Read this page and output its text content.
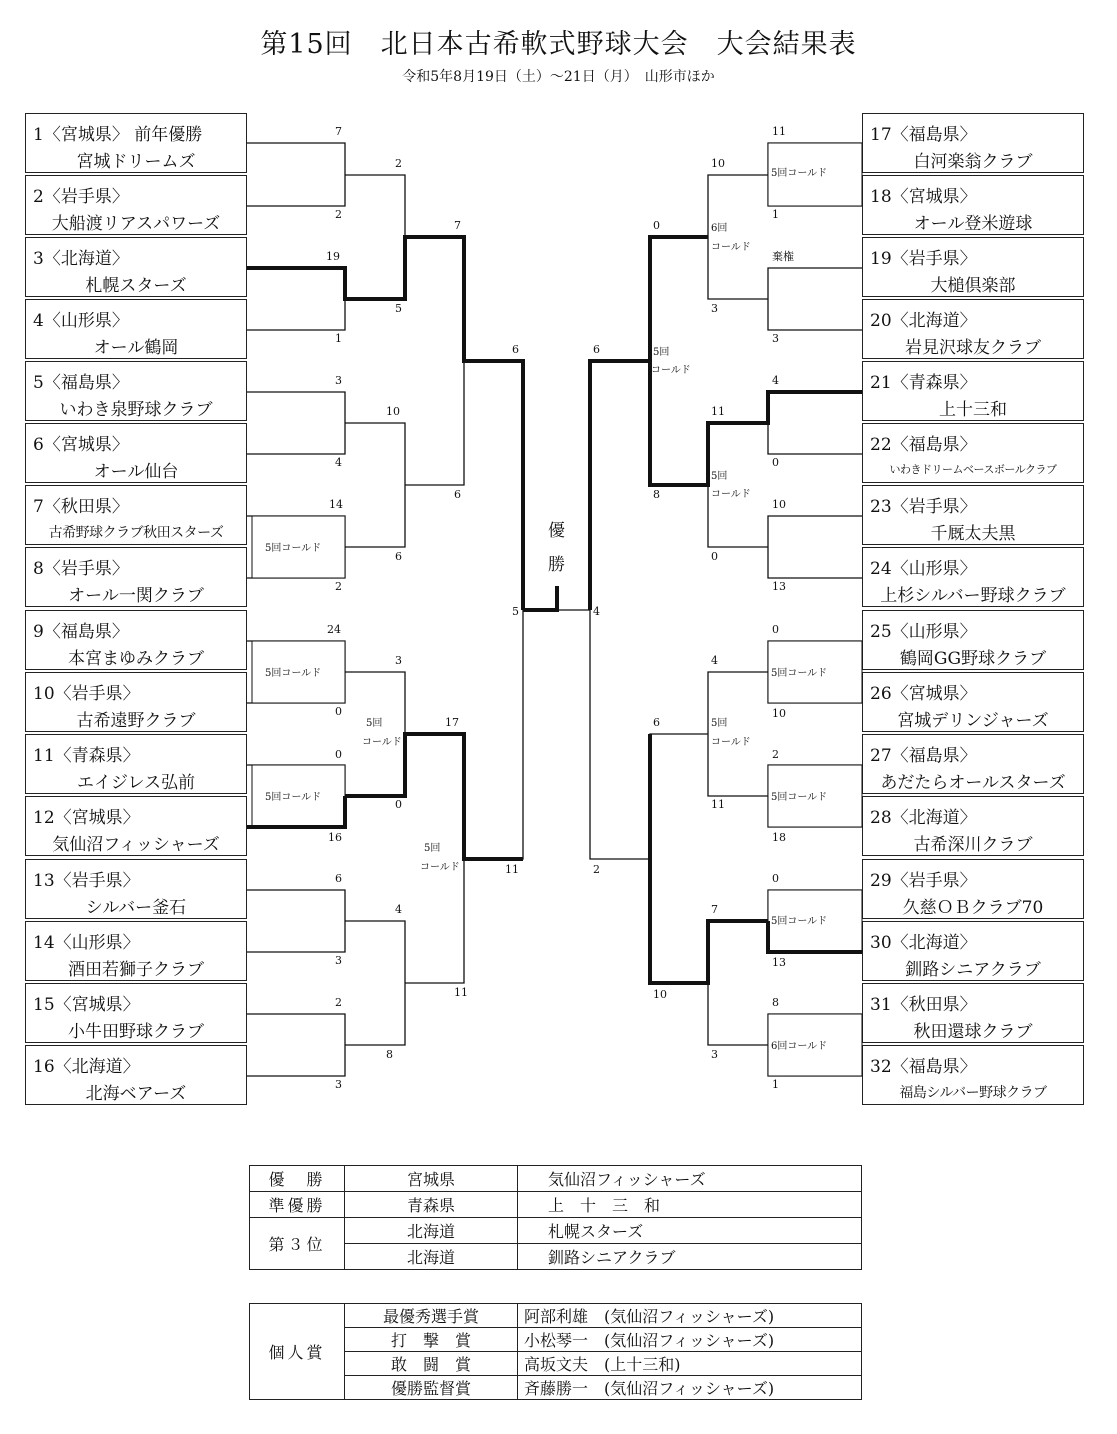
第15回　北日本古希軟式野球大会　大会結果表
令和5年8月19日（土）～21日（月）　山形市ほか
1〈宮城県〉 前年優勝
宮城ドリームズ
2〈岩手県〉
大船渡リアスパワーズ
3〈北海道〉
札幌スターズ
4〈山形県〉
オール鶴岡
5〈福島県〉
いわき泉野球クラブ
6〈宮城県〉
オール仙台
7〈秋田県〉
古希野球クラブ秋田スターズ
8〈岩手県〉
オール一関クラブ
9〈福島県〉
本宮まゆみクラブ
10〈岩手県〉
古希遠野クラブ
11〈青森県〉
エイジレス弘前
12〈宮城県〉
気仙沼フィッシャーズ
13〈岩手県〉
シルバー釜石
14〈山形県〉
酒田若獅子クラブ
15〈宮城県〉
小牛田野球クラブ
16〈北海道〉
北海ベアーズ
17〈福島県〉
白河楽翁クラブ
18〈宮城県〉
オール登米遊球
19〈岩手県〉
大槌倶楽部
20〈北海道〉
岩見沢球友クラブ
21〈青森県〉
上十三和
22〈福島県〉
いわきドリームベースボールクラブ
23〈岩手県〉
千厩太夫黒
24〈山形県〉
上杉シルバー野球クラブ
25〈山形県〉
鶴岡GG野球クラブ
26〈宮城県〉
宮城デリンジャーズ
27〈福島県〉
あだたらオールスターズ
28〈北海道〉
古希深川クラブ
29〈岩手県〉
久慈ＯＢクラブ70
30〈北海道〉
釧路シニアクラブ
31〈秋田県〉
秋田還球クラブ
32〈福島県〉
福島シルバー野球クラブ
7
2
19
1
3
4
14
2
24
0
0
16
6
3
2
3
2
5
10
6
3
0
4
8
7
6
17
11
6
11
5
11
1
棄権
3
4
0
10
13
0
10
2
18
0
13
8
1
10
3
11
0
4
11
7
3
0
8
6
10
6
2
4
5回コールド
5回コールド
5回コールド
5回
コールド
5回
コールド
5回コールド
6回
コールド
5回
コールド
5回
コールド
5回コールド
5回
コールド
5回コールド
5回コールド
6回コールド
優
勝
優　勝	宮城県	気仙沼フィッシャーズ
準優勝	青森県	上　十　三　和
第３位	北海道	札幌スターズ
	北海道	釧路シニアクラブ
個人賞	最優秀選手賞	阿部利雄　(気仙沼フィッシャーズ)
	打　撃　賞	小松琴一　(気仙沼フィッシャーズ)
	敢　闘　賞	高坂文夫　(上十三和)
	優勝監督賞	斉藤勝一　(気仙沼フィッシャーズ)
